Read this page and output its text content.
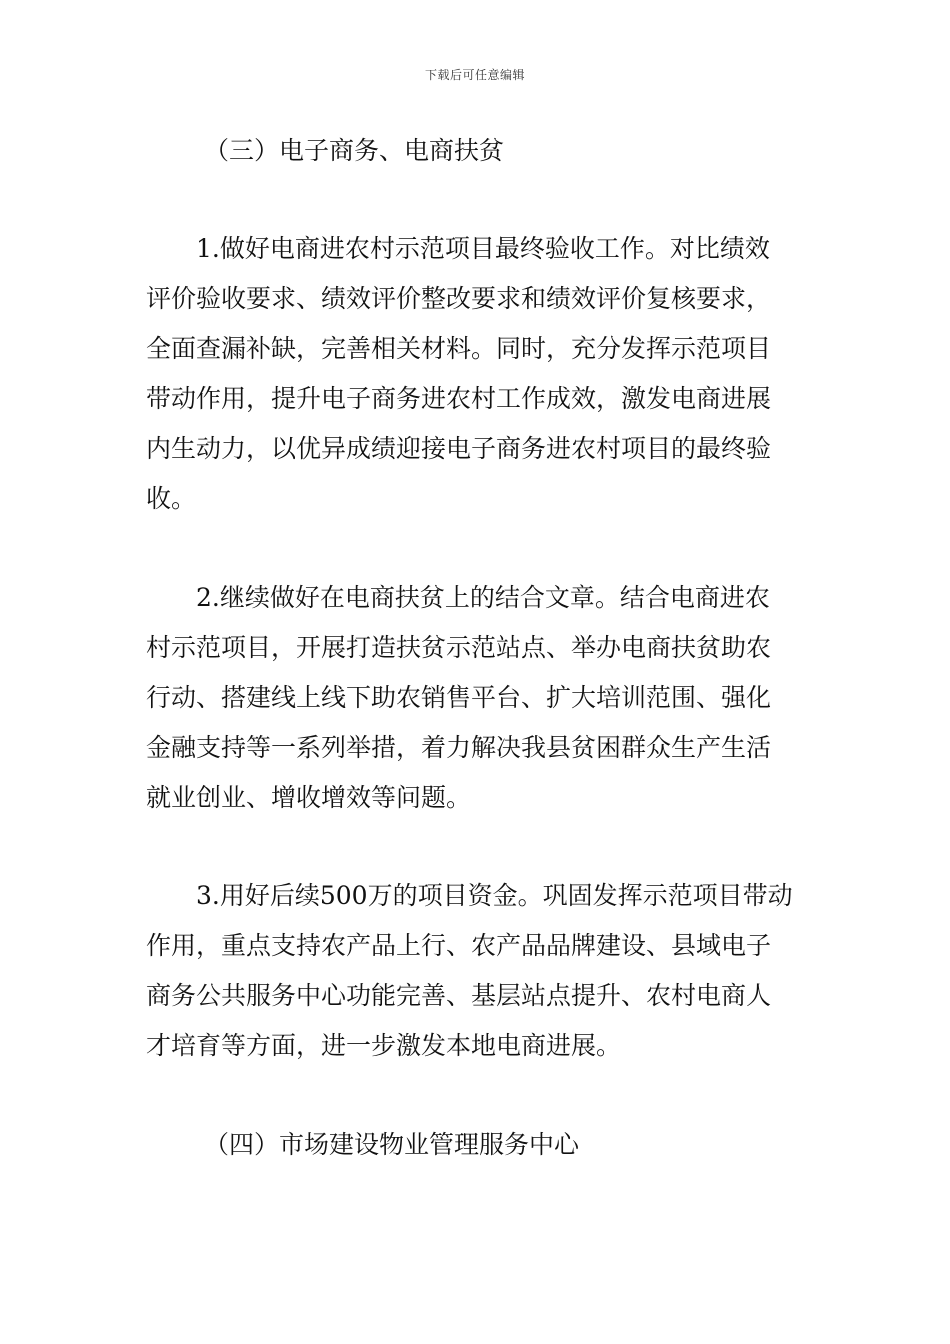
下载后可任意编辑
（三）电子商务、电商扶贫
1.做好电商进农村示范项目最终验收工作。对比绩效
评价验收要求、绩效评价整改要求和绩效评价复核要求，
全面查漏补缺，完善相关材料。同时，充分发挥示范项目
带动作用，提升电子商务进农村工作成效，激发电商进展
内生动力，以优异成绩迎接电子商务进农村项目的最终验
收。
2.继续做好在电商扶贫上的结合文章。结合电商进农
村示范项目，开展打造扶贫示范站点、举办电商扶贫助农
行动、搭建线上线下助农销售平台、扩大培训范围、强化
金融支持等一系列举措，着力解决我县贫困群众生产生活
就业创业、增收增效等问题。
3.用好后续500万的项目资金。巩固发挥示范项目带动
作用，重点支持农产品上行、农产品品牌建设、县域电子
商务公共服务中心功能完善、基层站点提升、农村电商人
才培育等方面，进一步激发本地电商进展。
（四）市场建设物业管理服务中心
